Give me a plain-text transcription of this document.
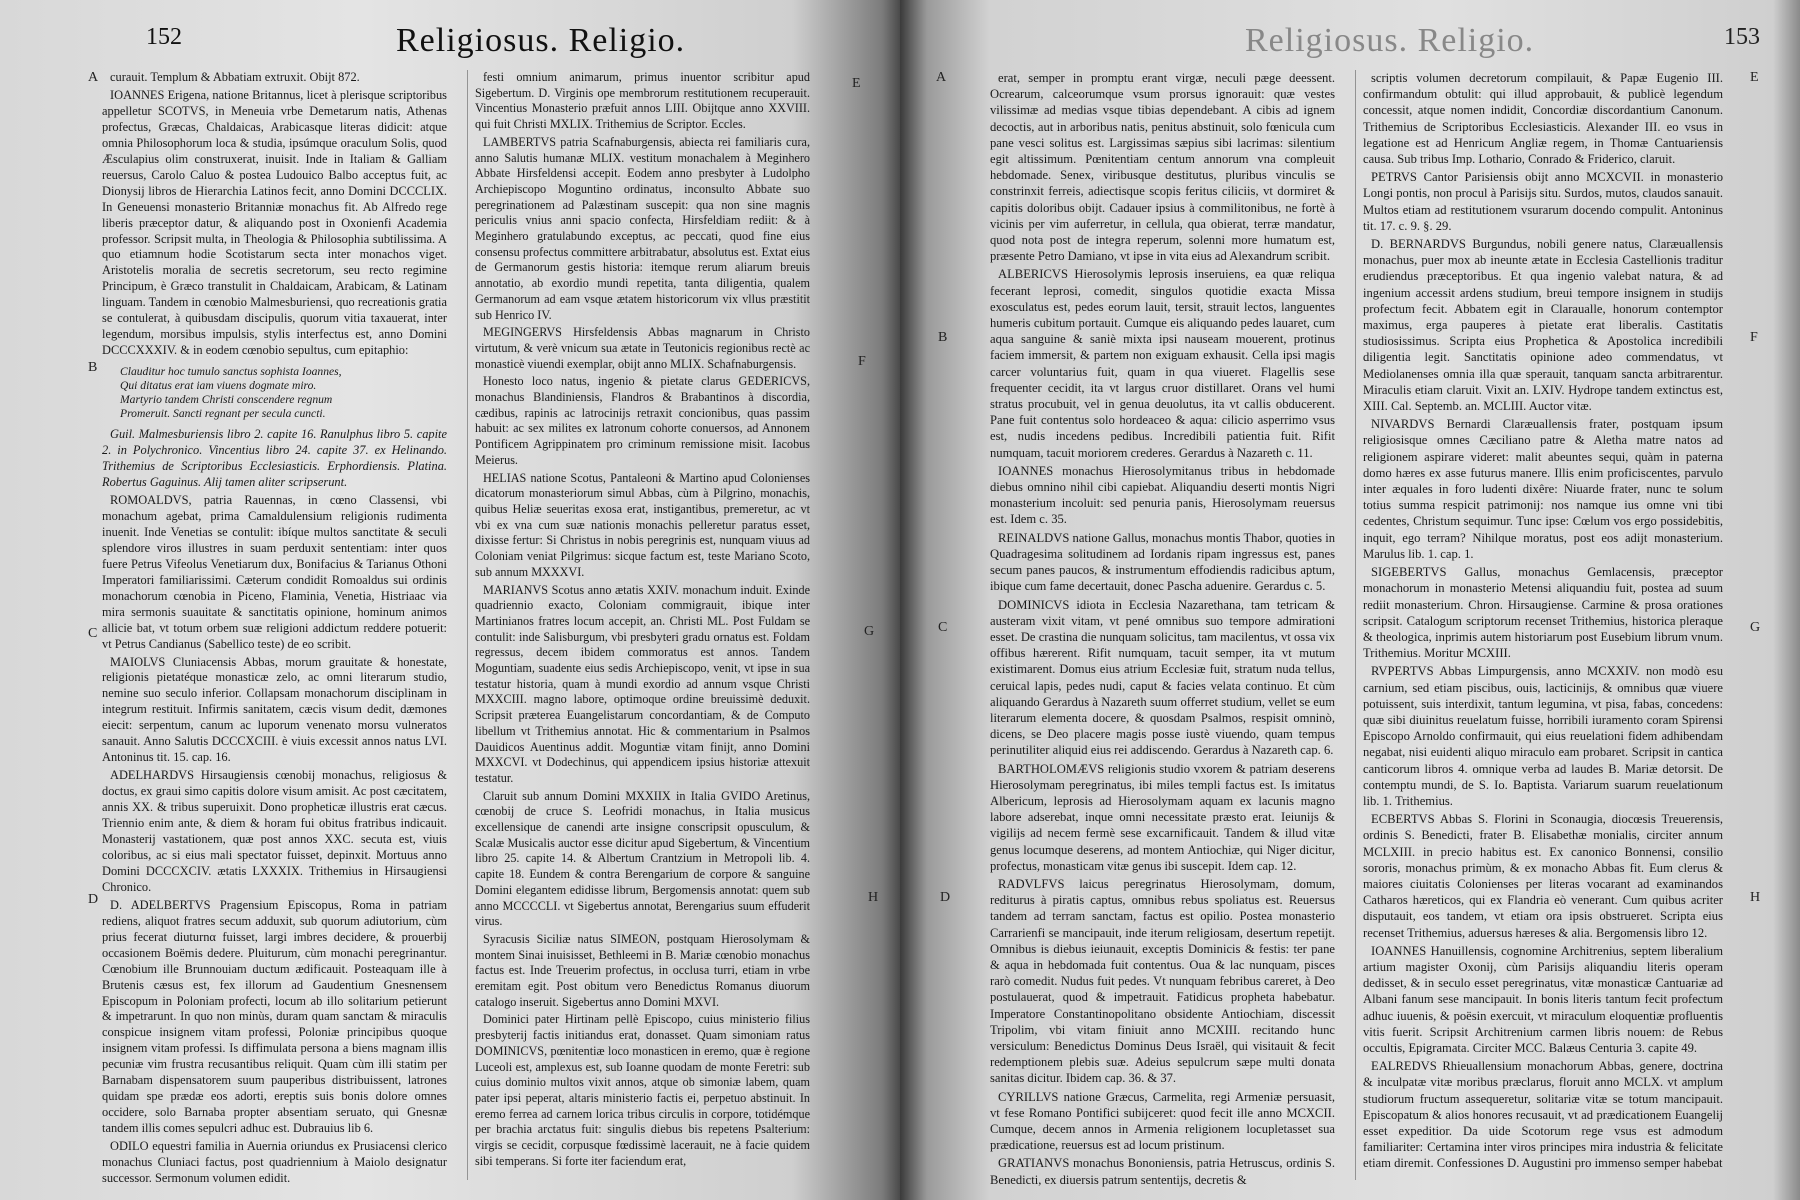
152	Religiosus. Religio.
A
B
C
D
E
F
G
H

curauit. Templum & Abbatiam extruxit. Obijt 872.

IOANNES Erigena, natione Britannus, licet à plerisque scriptoribus appelletur SCOTVS, in Meneuia vrbe Demetarum natis, Athenas profectus, Græcas, Chaldaicas, Arabicasque literas didicit: atque omnia Philosophorum loca & studia, ipsúmque oraculum Solis, quod Æsculapius olim construxerat, inuisit. Inde in Italiam & Galliam reuersus, Carolo Caluo & postea Ludouico Balbo acceptus fuit, ac Dionysij libros de Hierarchia Latinos fecit, anno Domini DCCCLIX. In Geneuensi monasterio Britanniæ monachus fit. Ab Alfredo rege liberis præceptor datur, & aliquando post in Oxonienfi Academia professor. Scripsit multa, in Theologia & Philosophia subtilissima. A quo etiamnum hodie Scotistarum secta inter monachos viget. Aristotelis moralia de secretis secretorum, seu recto regimine Principum, è Græco transtulit in Chaldaicam, Arabicam, & Latinam linguam. Tandem in cœnobio Malmesburiensi, quo recreationis gratia se contulerat, à quibusdam discipulis, quorum vitia taxauerat, inter legendum, morsibus impulsis, stylis interfectus est, anno Domini DCCCXXXIV. & in eodem cœnobio sepultus, cum epitaphio:

Clauditur hoc tumulo sanctus sophista Ioannes,
Qui ditatus erat iam viuens dogmate miro.
Martyrio tandem Christi conscendere regnum
Promeruit. Sancti regnant per secula cuncti.

Guil. Malmesburiensis libro 2. capite 16. Ranulphus libro 5. capite 2. in Polychronico. Vincentius libro 24. capite 37. ex Helinando. Trithemius de Scriptoribus Ecclesiasticis. Erphordiensis. Platina. Robertus Gaguinus. Alij tamen aliter scripserunt.

ROMOALDVS, patria Rauennas, in cœno Classensi, vbi monachum agebat, prima Camaldulensium religionis rudimenta inuenit. Inde Venetias se contulit: ibíque multos sanctitate & seculi splendore viros illustres in suam perduxit sententiam: inter quos fuere Petrus Vifeolus Venetiarum dux, Bonifacius & Tarianus Othoni Imperatori familiarissimi. Cæterum condidit Romoaldus sui ordinis monachorum cœnobia in Piceno, Flaminia, Venetia, Histriaac via mira sermonis suauitate & sanctitatis opinione, hominum animos allicie bat, vt totum orbem suæ religioni addictum reddere potuerit: vt Petrus Candianus (Sabellico teste) de eo scribit.

MAIOLVS Cluniacensis Abbas, morum grauitate & honestate, religionis pietatéque monasticæ zelo, ac omni literarum studio, nemine suo seculo inferior. Collapsam monachorum disciplinam in integrum restituit. Infirmis sanitatem, cæcis visum dedit, dæmones eiecit: serpentum, canum ac luporum venenato morsu vulneratos sanauit. Anno Salutis DCCCXCIII. è viuis excessit annos natus LVI. Antoninus tit. 15. cap. 16.

ADELHARDVS Hirsaugiensis cœnobij monachus, religiosus & doctus, ex graui simo capitis dolore visum amisit. Ac post cæcitatem, annis XX. & tribus superuixit. Dono propheticæ illustris erat cæcus. Triennio enim ante, & diem & horam fui obitus fratribus indicauit. Monasterij vastationem, quæ post annos XXC. secuta est, viuis coloribus, ac si eius mali spectator fuisset, depinxit. Mortuus anno Domini DCCCXCIV. ætatis LXXXIX. Trithemius in Hirsaugiensi Chronico.

D. ADELBERTVS Pragensium Episcopus, Roma in patriam rediens, aliquot fratres secum adduxit, sub quorum adiutorium, cùm prius fecerat diuturnα fuisset, largi imbres decidere, & prouerbij occasionem Boëmis dedere. Pluiturum, cùm monachi peregrinantur. Cœnobium ille Brunnouiam ductum ædificauit. Posteaquam ille à Brutenis cæsus est, fex illorum ad Gaudentium Gnesnensem Episcopum in Poloniam profecti, locum ab illo solitarium petierunt & impetrarunt. In quo non minùs, duram quam sanctam & miraculis conspicue insignem vitam professi, Poloniæ principibus quoque insignem vitam professi. Is diffimulata persona a biens magnam illis pecuniæ vim frustra recusantibus reliquit. Quam cùm illi statim per Barnabam dispensatorem suum pauperibus distribuissent, latrones quidam spe prædæ eos adorti, ereptis suis bonis dolore omnes occidere, solo Barnaba propter absentiam seruato, qui Gnesnæ tandem illis comes sepulcri adhuc est. Dubrauius lib 6.

ODILO equestri familia in Auernia oriundus ex Prusiacensi clerico monachus Cluniaci factus, post quadriennium à Maiolo designatur successor. Sermonum volumen edidit.

festi omnium animarum, primus inuentor scribitur apud Sigebertum. D. Virginis ope membrorum restitutionem recuperauit. Vincentius Monasterio præfuit annos LIII. Obijtque anno XXVIII. qui fuit Christi MXLIX. Trithemius de Scriptor. Eccles.

LAMBERTVS patria Scafnaburgensis, abiecta rei familiaris cura, anno Salutis humanæ MLIX. vestitum monachalem à Meginhero Abbate Hirsfeldensi accepit. Eodem anno presbyter à Ludolpho Archiepiscopo Moguntino ordinatus, inconsulto Abbate suo peregrinationem ad Palæstinam suscepit: qua non sine magnis periculis vnius anni spacio confecta, Hirsfeldiam rediit: & à Meginhero gratulabundo exceptus, ac peccati, quod fine eius consensu profectus committere arbitrabatur, absolutus est. Extat eius de Germanorum gestis historia: itemque rerum aliarum breuis annotatio, ab exordio mundi repetita, tanta diligentia, qualem Germanorum ad eam vsque ætatem historicorum vix vllus præstitit sub Henrico IV.

MEGINGERVS Hirsfeldensis Abbas magnarum in Christo virtutum, & verè vnicum sua ætate in Teutonicis regionibus rectè ac monasticè viuendi exemplar, obijt anno MLIX. Schafnaburgensis.

Honesto loco natus, ingenio & pietate clarus GEDERICVS, monachus Blandiniensis, Flandros & Brabantinos à discordia, cædibus, rapinis ac latrocinijs retraxit concionibus, quas passim habuit: ac sex milites ex latronum cohorte conuersos, ad Annonem Pontificem Agrippinatem pro criminum remissione misit. Iacobus Meierus.

HELIAS natione Scotus, Pantaleoni & Martino apud Colonienses dicatorum monasteriorum simul Abbas, cùm à Pilgrino, monachis, quibus Heliæ seueritas exosa erat, instigantibus, premeretur, ac vt vbi ex vna cum suæ nationis monachis pelleretur paratus esset, dixisse fertur: Si Christus in nobis peregrinis est, nunquam viuus ad Coloniam veniat Pilgrimus: sicque factum est, teste Mariano Scoto, sub annum MXXXVI.

MARIANVS Scotus anno ætatis XXIV. monachum induit. Exinde quadriennio exacto, Coloniam commigrauit, ibique inter Martinianos fratres locum accepit, an. Christi ML. Post Fuldam se contulit: inde Salisburgum, vbi presbyteri gradu ornatus est. Foldam regressus, decem ibidem commoratus est annos. Tandem Moguntiam, suadente eius sedis Archiepiscopo, venit, vt ipse in sua testatur historia, quam à mundi exordio ad annum vsque Christi MXXCIII. magno labore, optimoque ordine breuissimè deduxit. Scripsit præterea Euangelistarum concordantiam, & de Computo libellum vt Trithemius annotat. Hic & commentarium in Psalmos Dauidicos Auentinus addit. Moguntiæ vitam finijt, anno Domini MXXCVI. vt Dodechinus, qui appendicem ipsius historiæ attexuit testatur.

Claruit sub annum Domini MXXIIX in Italia GVIDO Aretinus, cœnobij de cruce S. Leofridi monachus, in Italia musicus excellensique de canendi arte insigne conscripsit opusculum, & Scalæ Musicalis auctor esse dicitur apud Sigebertum, & Vincentium libro 25. capite 14. & Albertum Crantzium in Metropoli lib. 4. capite 18. Eundem & contra Berengarium de corpore & sanguine Domini elegantem edidisse librum, Bergomensis annotat: quem sub anno MCCCCLI. vt Sigebertus annotat, Berengarius suum effuderit virus.

Syracusis Siciliæ natus SIMEON, postquam Hierosolymam & montem Sinai inuisisset, Bethleemi in B. Mariæ cœnobio monachus factus est. Inde Treuerim profectus, in occlusa turri, etiam in vrbe eremitam egit. Post obitum vero Benedictus Romanus diuorum catalogo inseruit. Sigebertus anno Domini MXVI.

Dominici pater Hirtinam pellè Episcopo, cuius ministerio filius presbyterij factis initiandus erat, donasset. Quam simoniam ratus DOMINICVS, pœnitentiæ loco monasticen in eremo, quæ è regione Luceoli est, amplexus est, sub Ioanne quodam de monte Feretri: sub cuius dominio multos vixit annos, atque ob simoniæ labem, quam pater ipsi peperat, altaris ministerio factis ei, perpetuo abstinuit. In eremo ferrea ad carnem lorica tribus circulis in corpore, totidémque per brachia arctatus fuit: singulis diebus bis repetens Psalterium: virgis se cecidit, corpusque fœdissimè lacerauit, ne à facie quidem sibi temperans. Si forte iter faciendum erat,

Religiosus. Religio.	153
A
B
C
D
E
F
G
H

erat, semper in promptu erant virgæ, neculi pæge deessent. Ocrearum, calceorumque vsum prorsus ignorauit: quæ vestes vilissimæ ad medias vsque tibias dependebant. A cibis ad ignem decoctis, aut in arboribus natis, penitus abstinuit, solo fœnicula cum pane vesci solitus est. Largissimas sæpius sibi lacrimas: silentium egit altissimum. Pœnitentiam centum annorum vna compleuit hebdomade. Senex, viribusque destitutus, pluribus vinculis se constrinxit ferreis, adiectisque scopis feritus ciliciis, vt dormiret & capitis doloribus obijt. Cadauer ipsius à commilitonibus, ne fortè à vicinis per vim auferretur, in cellula, qua obierat, terræ mandatur, quod nota post de integra reperum, solenni more humatum est, præsente Petro Damiano, vt ipse in vita eius ad Alexandrum scribit.

ALBERICVS Hierosolymis leprosis inseruiens, ea quæ reliqua fecerant leprosi, comedit, singulos quotidie exacta Missa exosculatus est, pedes eorum lauit, tersit, strauit lectos, languentes humeris cubitum portauit. Cumque eis aliquando pedes lauaret, cum aqua sanguine & saniè mixta ipsi nauseam mouerent, protinus faciem immersit, & partem non exiguam exhausit. Cella ipsi magis carcer voluntarius fuit, quam in qua viueret. Flagellis sese frequenter cecidit, ita vt largus cruor distillaret. Orans vel humi stratus procubuit, vel in genua deuolutus, ita vt callis obducerent. Pane fuit contentus solo hordeaceo & aqua: cilicio asperrimo vsus est, nudis incedens pedibus. Incredibili patientia fuit. Rifit numquam, tacuit moriorem crederes. Gerardus à Nazareth c. 11.

IOANNES monachus Hierosolymitanus tribus in hebdomade diebus omnino nihil cibi capiebat. Aliquandiu deserti montis Nigri monasterium incoluit: sed penuria panis, Hierosolymam reuersus est. Idem c. 35.

REINALDVS natione Gallus, monachus montis Thabor, quoties in Quadragesima solitudinem ad Iordanis ripam ingressus est, panes secum panes paucos, & instrumentum effodiendis radicibus aptum, ibique cum fame decertauit, donec Pascha aduenire. Gerardus c. 5.

DOMINICVS idiota in Ecclesia Nazarethana, tam tetricam & austeram vixit vitam, vt pené omnibus suo tempore admirationi esset. De crastina die nunquam solicitus, tam macilentus, vt ossa vix offibus hærerent. Rifit numquam, tacuit semper, ita vt mutum existimarent. Domus eius atrium Ecclesiæ fuit, stratum nuda tellus, ceruical lapis, pedes nudi, caput & facies velata continuo. Et cùm aliquando Gerardus à Nazareth suum offerret studium, vellet se eum literarum elementa docere, & quosdam Psalmos, respisit omninò, dicens, se Deo placere magis posse iustè viuendo, quam tempus perinutiliter aliquid eius rei addiscendo. Gerardus à Nazareth cap. 6.

BARTHOLOMÆVS religionis studio vxorem & patriam deserens Hierosolymam peregrinatus, ibi miles templi factus est. Is imitatus Albericum, leprosis ad Hierosolymam aquam ex lacunis magno labore adserebat, inque omni necessitate præsto erat. Ieiunijs & vigilijs ad necem fermè sese excarnificauit. Tandem & illud vitæ genus locumque deserens, ad montem Antiochiæ, qui Niger dicitur, profectus, monasticam vitæ genus ibi suscepit. Idem cap. 12.

RADVLFVS laicus peregrinatus Hierosolymam, domum, rediturus à piratis captus, omnibus rebus spoliatus est. Reuersus tandem ad terram sanctam, factus est opilio. Postea monasterio Carrarienfi se mancipauit, inde iterum religiosam, desertum repetijt. Omnibus is diebus ieiunauit, exceptis Dominicis & festis: ter pane & aqua in hebdomada fuit contentus. Oua & lac nunquam, pisces rarò comedit. Nudus fuit pedes. Vt nunquam febribus careret, à Deo postulauerat, quod & impetrauit. Fatidicus propheta habebatur. Imperatore Constantinopolitano obsidente Antiochiam, discessit Tripolim, vbi vitam finiuit anno MCXIII. recitando hunc versiculum: Benedictus Dominus Deus Israël, qui visitauit & fecit redemptionem plebis suæ. Adeius sepulcrum sæpe multi donata sanitas dicitur. Ibidem cap. 36. & 37.

CYRILLVS natione Græcus, Carmelita, regi Armeniæ persuasit, vt fese Romano Pontifici subijceret: quod fecit ille anno MCXCII. Cumque, decem annos in Armenia religionem locupletasset sua prædicatione, reuersus est ad locum pristinum.

GRATIANVS monachus Bononiensis, patria Hetruscus, ordinis S. Benedicti, ex diuersis patrum sententijs, decretis &

scriptis volumen decretorum compilauit, & Papæ Eugenio III. confirmandum obtulit: qui illud approbauit, & publicè legendum concessit, atque nomen indidit, Concordiæ discordantium Canonum. Trithemius de Scriptoribus Ecclesiasticis. Alexander III. eo vsus in legatione est ad Henricum Angliæ regem, in Thomæ Cantuariensis causa. Sub tribus Imp. Lothario, Conrado & Friderico, claruit.

PETRVS Cantor Parisiensis obijt anno MCXCVII. in monasterio Longi pontis, non procul à Parisijs situ. Surdos, mutos, claudos sanauit. Multos etiam ad restitutionem vsurarum docendo compulit. Antoninus tit. 17. c. 9. §. 29.

D. BERNARDVS Burgundus, nobili genere natus, Claræuallensis monachus, puer mox ab ineunte ætate in Ecclesia Castellionis traditur erudiendus præceptoribus. Et qua ingenio valebat natura, & ad ingenium accessit ardens studium, breui tempore insignem in studijs profectum fecit. Abbatem egit in Claraualle, honorum contemptor maximus, erga pauperes à pietate erat liberalis. Castitatis studiosissimus. Scripta eius Prophetica & Apostolica incredibili diligentia legit. Sanctitatis opinione adeo commendatus, vt Mediolanenses omnia illa quæ sperauit, tanquam sancta arbitrarentur. Miraculis etiam claruit. Vixit an. LXIV. Hydrope tandem extinctus est, XIII. Cal. Septemb. an. MCLIII. Auctor vitæ.

NIVARDVS Bernardi Claræuallensis frater, postquam ipsum religiosisque omnes Cæciliano patre & Aletha matre natos ad religionem aspirare videret: malit abeuntes sequi, quàm in paterna domo hæres ex asse futurus manere. Illis enim proficiscentes, parvulo inter æquales in foro ludenti dixêre: Niuarde frater, nunc te solum totius summa respicit patrimonij: nos namque ius omne vni tibi cedentes, Christum sequimur. Tunc ipse: Cœlum vos ergo possidebitis, inquit, ego terram? Nihilque moratus, post eos adijt monasterium. Marulus lib. 1. cap. 1.

SIGEBERTVS Gallus, monachus Gemlacensis, præceptor monachorum in monasterio Metensi aliquandiu fuit, postea ad suum rediit monasterium. Chron. Hirsaugiense. Carmine & prosa orationes scripsit. Catalogum scriptorum recenset Trithemius, historica pleraque & theologica, inprimis autem historiarum post Eusebium librum vnum. Trithemius. Moritur MCXIII.

RVPERTVS Abbas Limpurgensis, anno MCXXIV. non modò esu carnium, sed etiam piscibus, ouis, lacticinijs, & omnibus quæ viuere potuissent, suis interdixit, tantum legumina, vt pisa, fabas, concedens: quæ sibi diuinitus reuelatum fuisse, horribili iuramento coram Spirensi Episcopo Arnoldo confirmauit, qui eius reuelationi fidem adhibendam negabat, nisi euidenti aliquo miraculo eam probaret. Scripsit in cantica canticorum libros 4. omnique verba ad laudes B. Mariæ detorsit. De contemptu mundi, de S. Io. Baptista. Variarum suarum reuelationum lib. 1. Trithemius.

ECBERTVS Abbas S. Florini in Sconaugia, diocœsis Treuerensis, ordinis S. Benedicti, frater B. Elisabethæ monialis, circiter annum MCLXIII. in precio habitus est. Ex canonico Bonnensi, consilio sororis, monachus primùm, & ex monacho Abbas fit. Eum clerus & maiores ciuitatis Colonienses per literas vocarant ad examinandos Catharos hæreticos, qui ex Flandria eò venerant. Cum quibus acriter disputauit, eos tandem, vt etiam ora ipsis obstrueret. Scripta eius recenset Trithemius, aduersus hæreses & alia. Bergomensis libro 12.

IOANNES Hanuillensis, cognomine Architrenius, septem liberalium artium magister Oxonij, cùm Parisijs aliquandiu literis operam dedisset, & in seculo esset peregrinatus, vitæ monasticæ Cantuariæ ad Albani fanum sese mancipauit. In bonis literis tantum fecit profectum adhuc iuuenis, & poësin exercuit, vt miraculum eloquentiæ profluentis vitis fuerit. Scripsit Architrenium carmen libris nouem: de Rebus occultis, Epigramata. Circiter MCC. Balæus Centuria 3. capite 49.

EALREDVS Rhieuallensium monachorum Abbas, genere, doctrina & inculpatæ vitæ moribus præclarus, floruit anno MCLX. vt amplum studiorum fructum assequeretur, solitariæ vitæ se totum mancipauit. Episcopatum & alios honores recusauit, vt ad prædicationem Euangelij esset expeditior. Da uide Scotorum rege vsus est admodum familiariter: Certamina inter viros principes mira industria & felicitate etiam diremit. Confessiones D. Augustini pro immenso semper habebat
